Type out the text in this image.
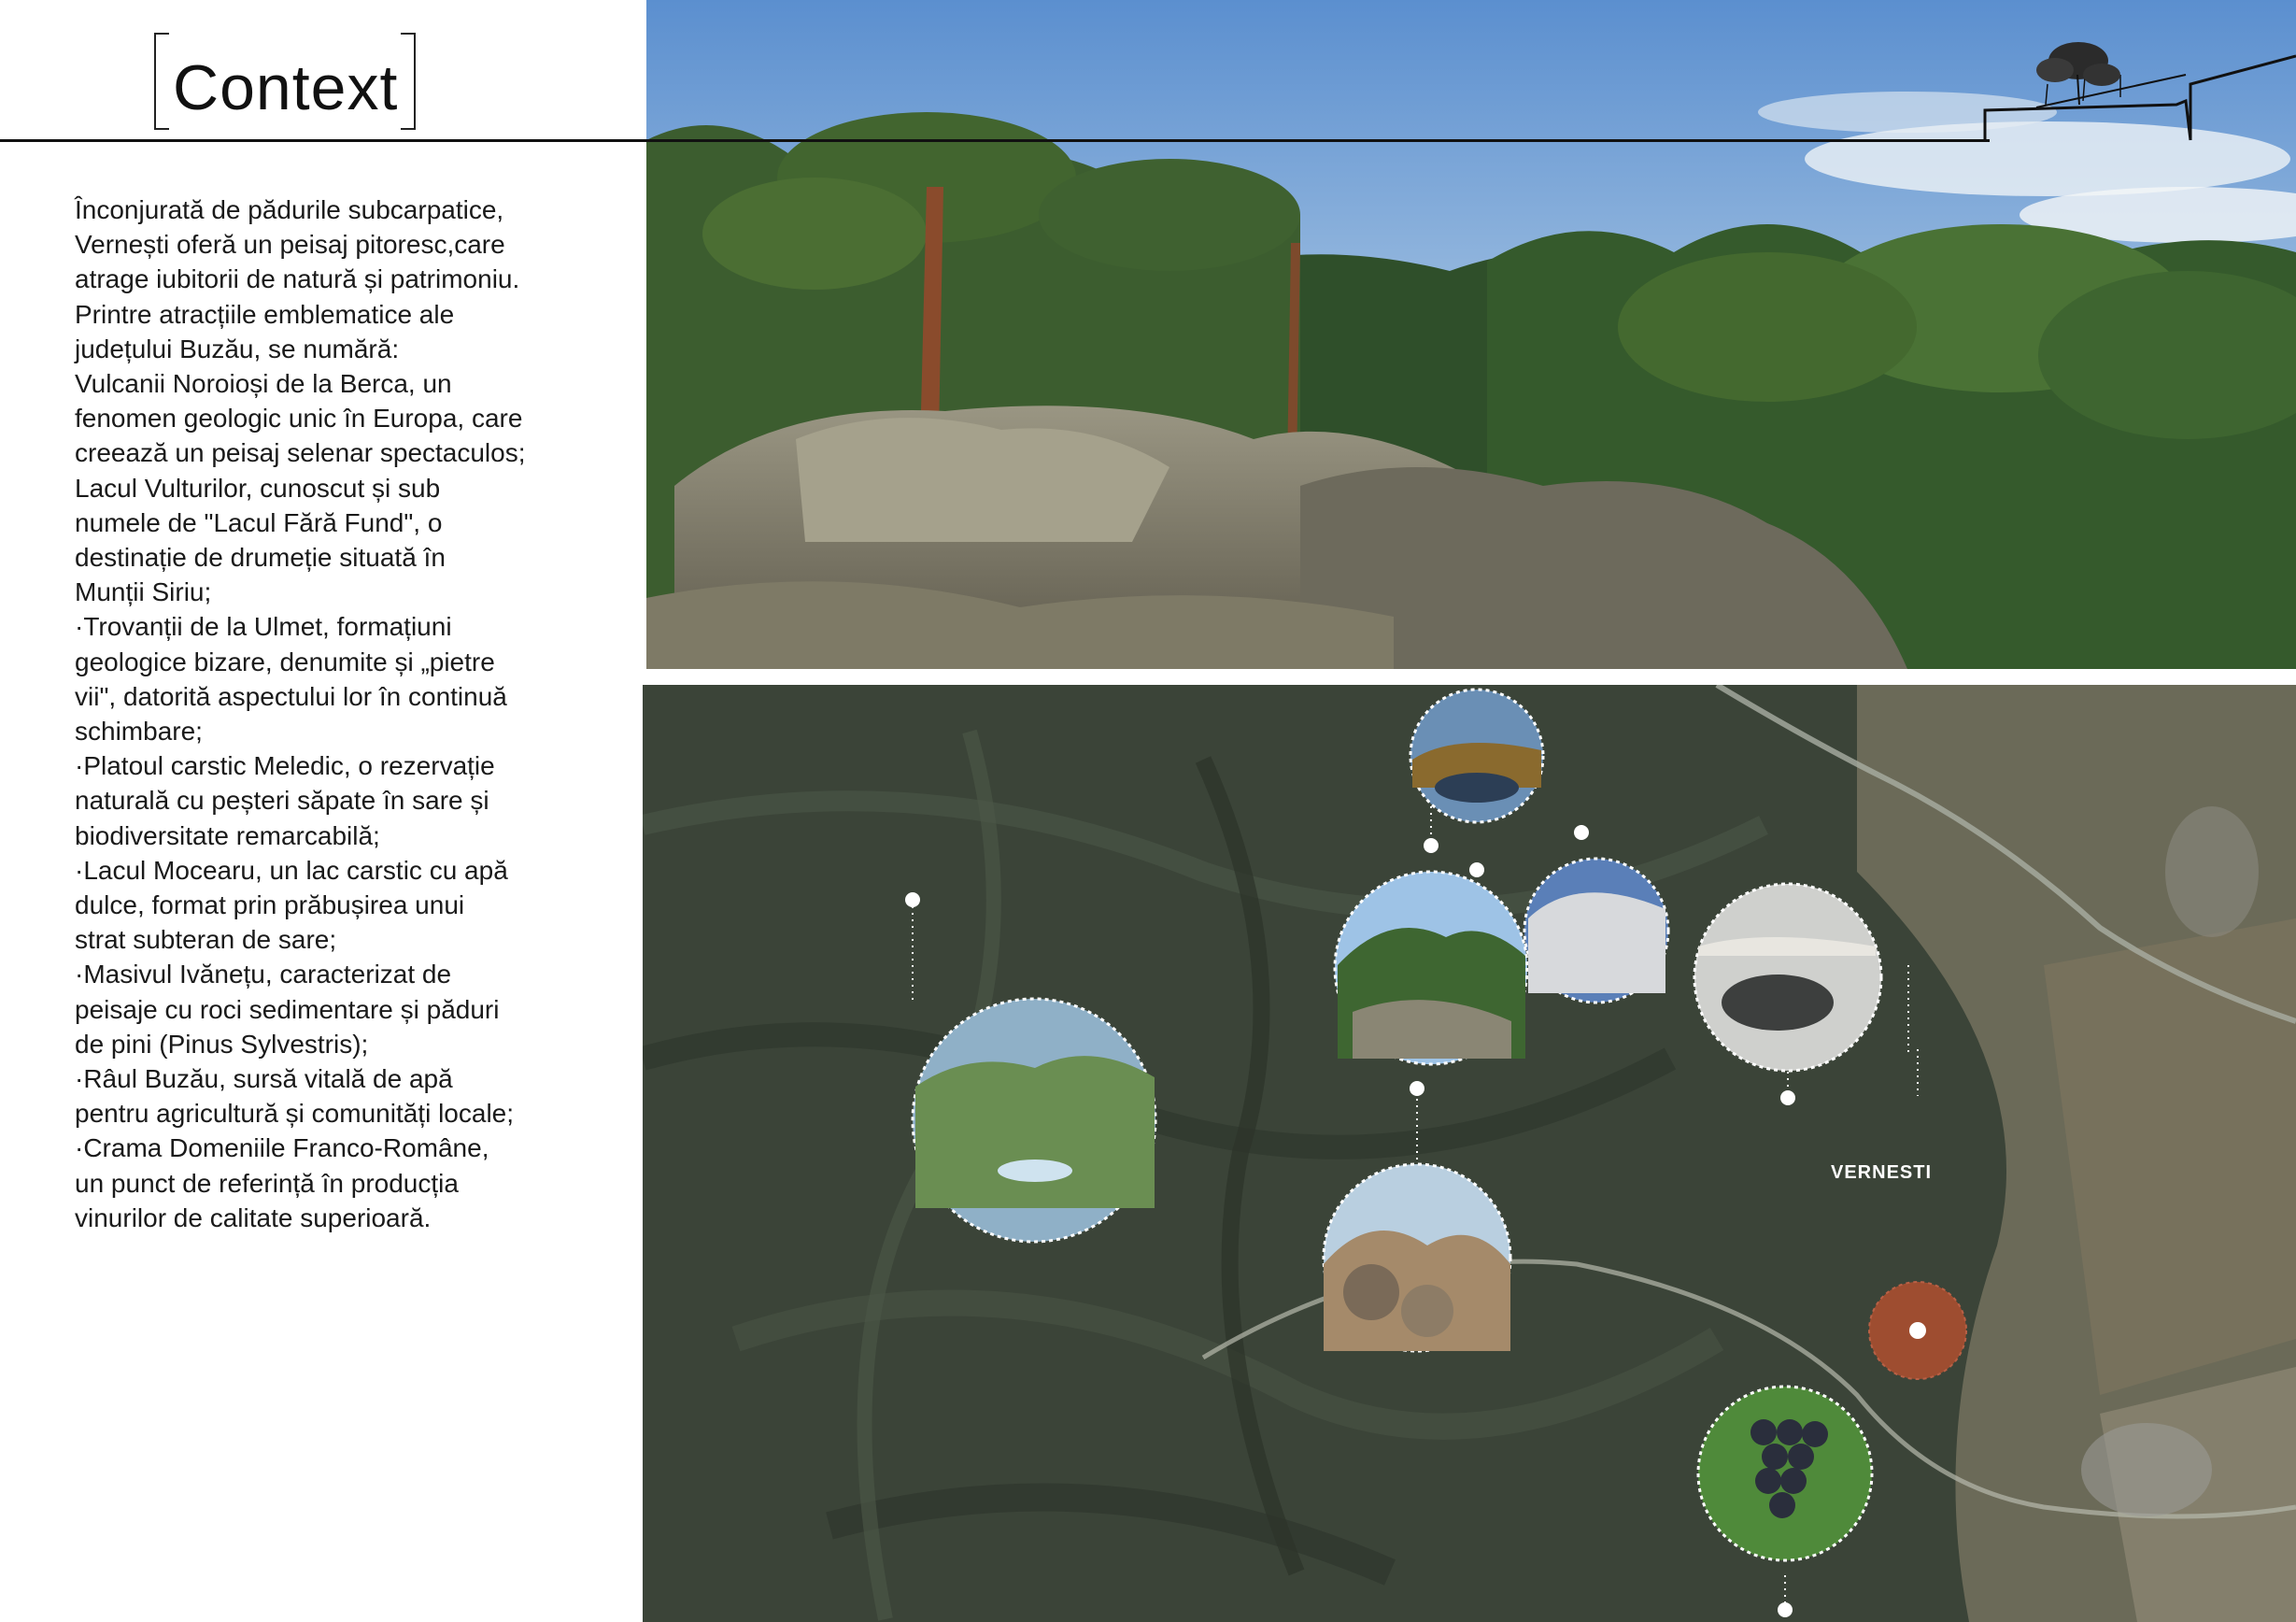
Context
Înconjurată de pădurile subcarpatice,
Vernești oferă un peisaj pitoresc,care
atrage iubitorii de natură și patrimoniu.
Printre atracțiile emblematice ale
județului Buzău, se numără:
Vulcanii Noroioși de la Berca, un
fenomen geologic unic în Europa, care
creează un peisaj selenar spectaculos;
Lacul Vulturilor, cunoscut și sub
numele de "Lacul Fără Fund", o
destinație de drumeție situată în
Munții Siriu;
·Trovanții de la Ulmet, formațiuni
geologice bizare, denumite și „pietre
vii", datorită aspectului lor în continuă
schimbare;
·Platoul carstic Meledic, o rezervație
naturală cu peșteri săpate în sare și
biodiversitate remarcabilă;
·Lacul Mocearu, un lac carstic cu apă
dulce, format prin prăbușirea unui
strat subteran de sare;
·Masivul Ivănețu, caracterizat de
peisaje cu roci sedimentare și păduri
de pini (Pinus Sylvestris);
·Râul Buzău, sursă vitală de apă
pentru agricultură și comunități locale;
·Crama Domeniile Franco-Române,
un punct de referință în producția
vinurilor de calitate superioară.
VERNESTI
